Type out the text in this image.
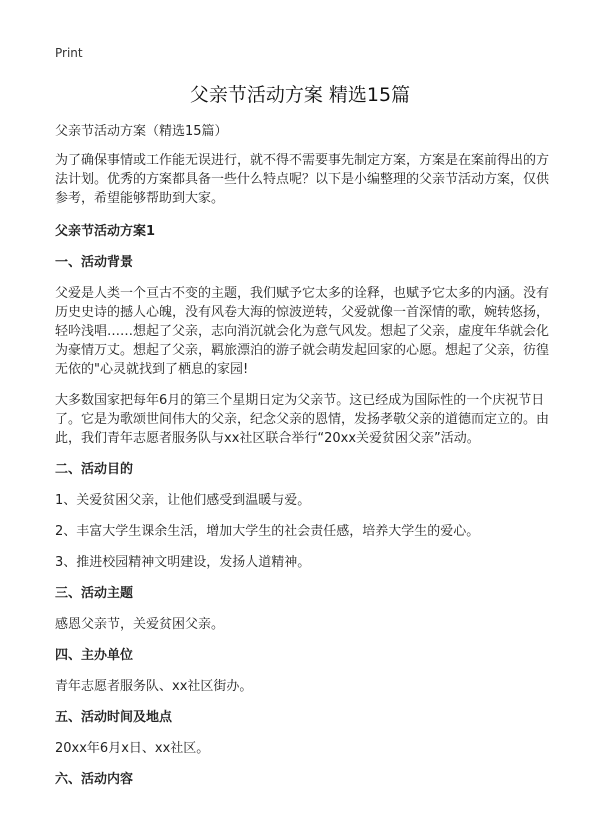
Print
父亲节活动方案 精选15篇

父亲节活动方案（精选15篇）

为了确保事情或工作能无误进行，就不得不需要事先制定方案，方案是在案前得出的方法计划。优秀的方案都具备一些什么特点呢？以下是小编整理的父亲节活动方案，仅供参考，希望能够帮助到大家。

父亲节活动方案1

一、活动背景

父爱是人类一个亘古不变的主题，我们赋予它太多的诠释，也赋予它太多的内涵。没有历史史诗的撼人心魄，没有风卷大海的惊波逆转，父爱就像一首深情的歌，婉转悠扬，轻吟浅唱……想起了父亲，志向消沉就会化为意气风发。想起了父亲，虚度年华就会化为豪情万丈。想起了父亲，羁旅漂泊的游子就会萌发起回家的心愿。想起了父亲，彷徨无依的"心灵就找到了栖息的家园!

大多数国家把每年6月的第三个星期日定为父亲节。这已经成为国际性的一个庆祝节日了。它是为歌颂世间伟大的父亲，纪念父亲的恩情，发扬孝敬父亲的道德而定立的。由此，我们青年志愿者服务队与xx社区联合举行“20xx关爱贫困父亲”活动。

二、活动目的

1、关爱贫困父亲，让他们感受到温暖与爱。

2、丰富大学生课余生活，增加大学生的社会责任感，培养大学生的爱心。

3、推进校园精神文明建设，发扬人道精神。

三、活动主题

感恩父亲节，关爱贫困父亲。

四、主办单位

青年志愿者服务队、xx社区街办。

五、活动时间及地点

20xx年6月x日、xx社区。

六、活动内容
